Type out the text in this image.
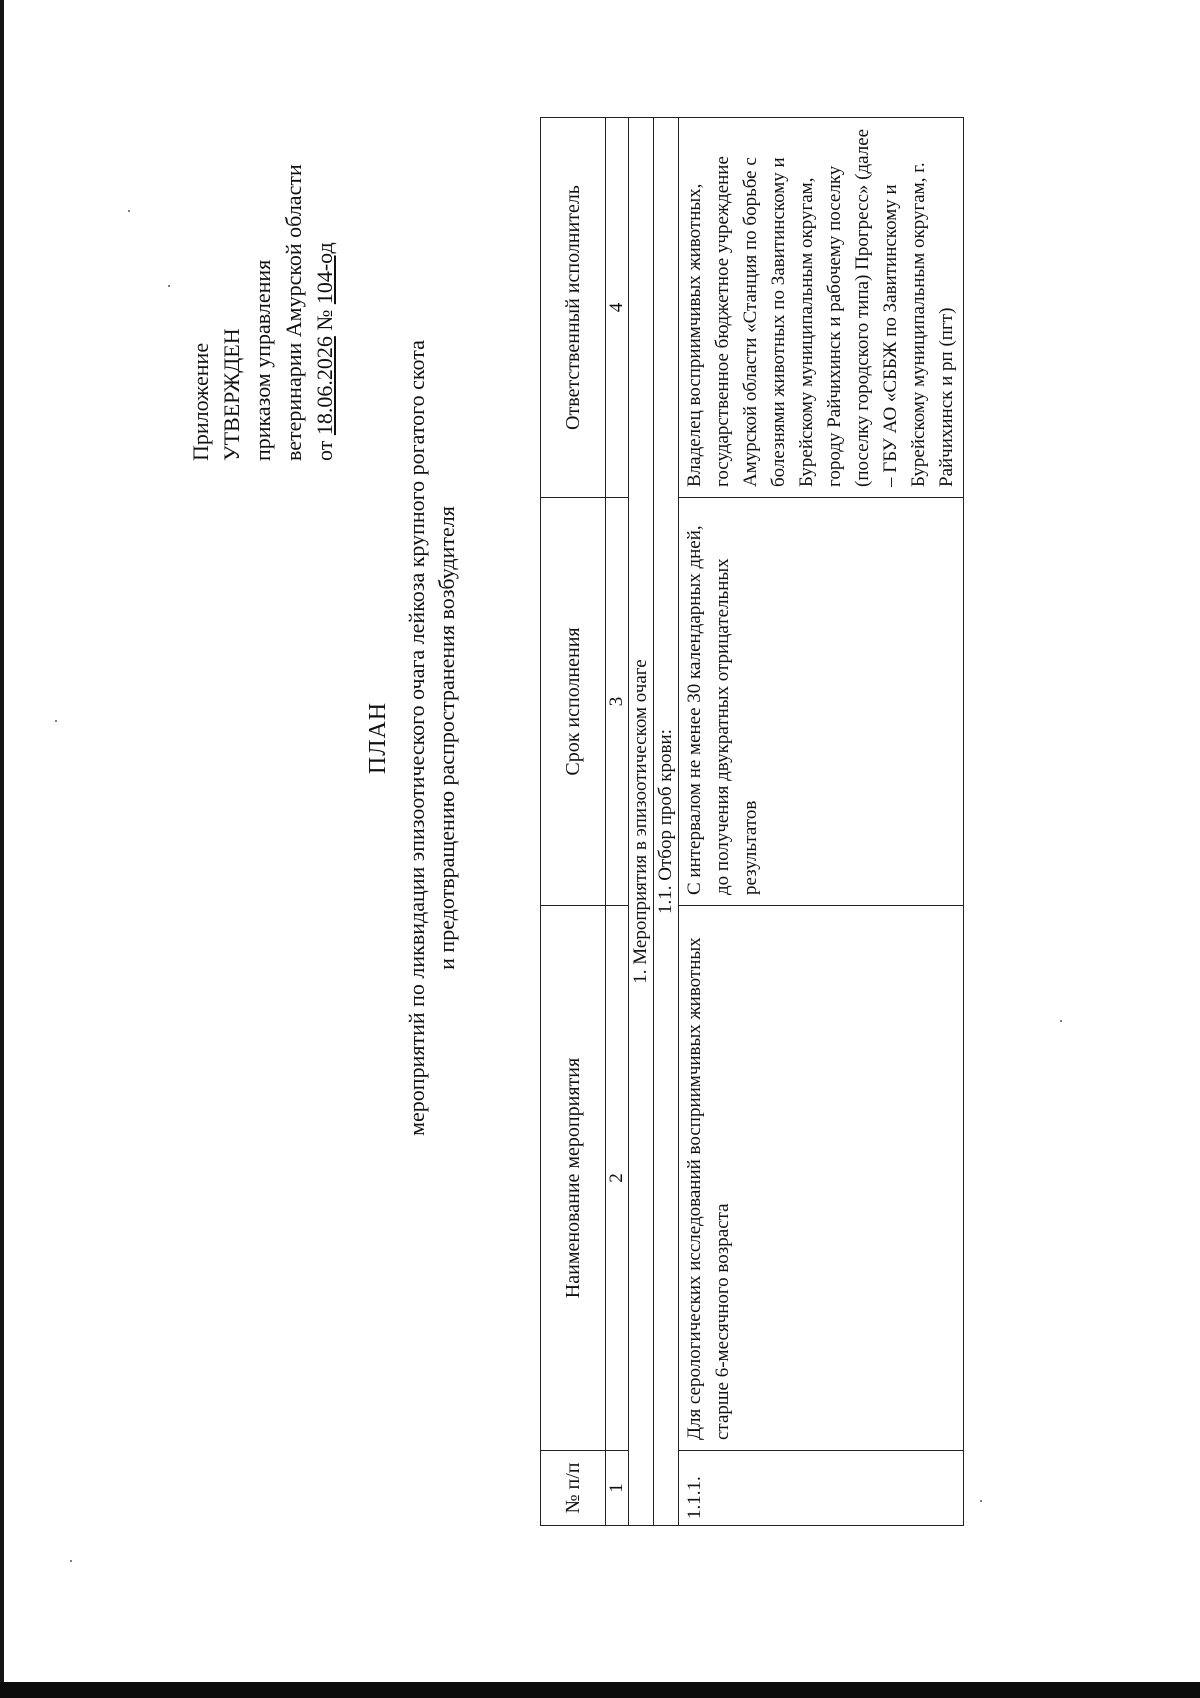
Приложение УТВЕРЖДЕН приказом управления ветеринарии Амурской области от 18.06.2026 № 104-од
ПЛАН мероприятий по ликвидации эпизоотического очага лейкоза крупного рогатого скота и предотвращению распространения возбудителя
№ п/п	Наименование мероприятия	Срок исполнения	Ответственный исполнитель
1	2	3	4
1. Мероприятия в эпизоотическом очаге			
1.1. Отбор проб крови:			
1.1.1.	Для серологических исследований восприимчивых животных старше 6-месячного возраста	С интервалом не менее 30 календарных дней, до получения двукратных отрицательных результатов	Владелец восприимчивых животных, государственное бюджетное учреждение Амурской области «Станция по борьбе с болезнями животных по Завитинскому и Бурейскому муниципальным округам, городу Райчихинск и рабочему поселку (поселку городского типа) Прогресс» (далее – ГБУ АО «СББЖ по Завитинскому и Бурейскому муниципальным округам, г. Райчихинск и рп (пгт)
